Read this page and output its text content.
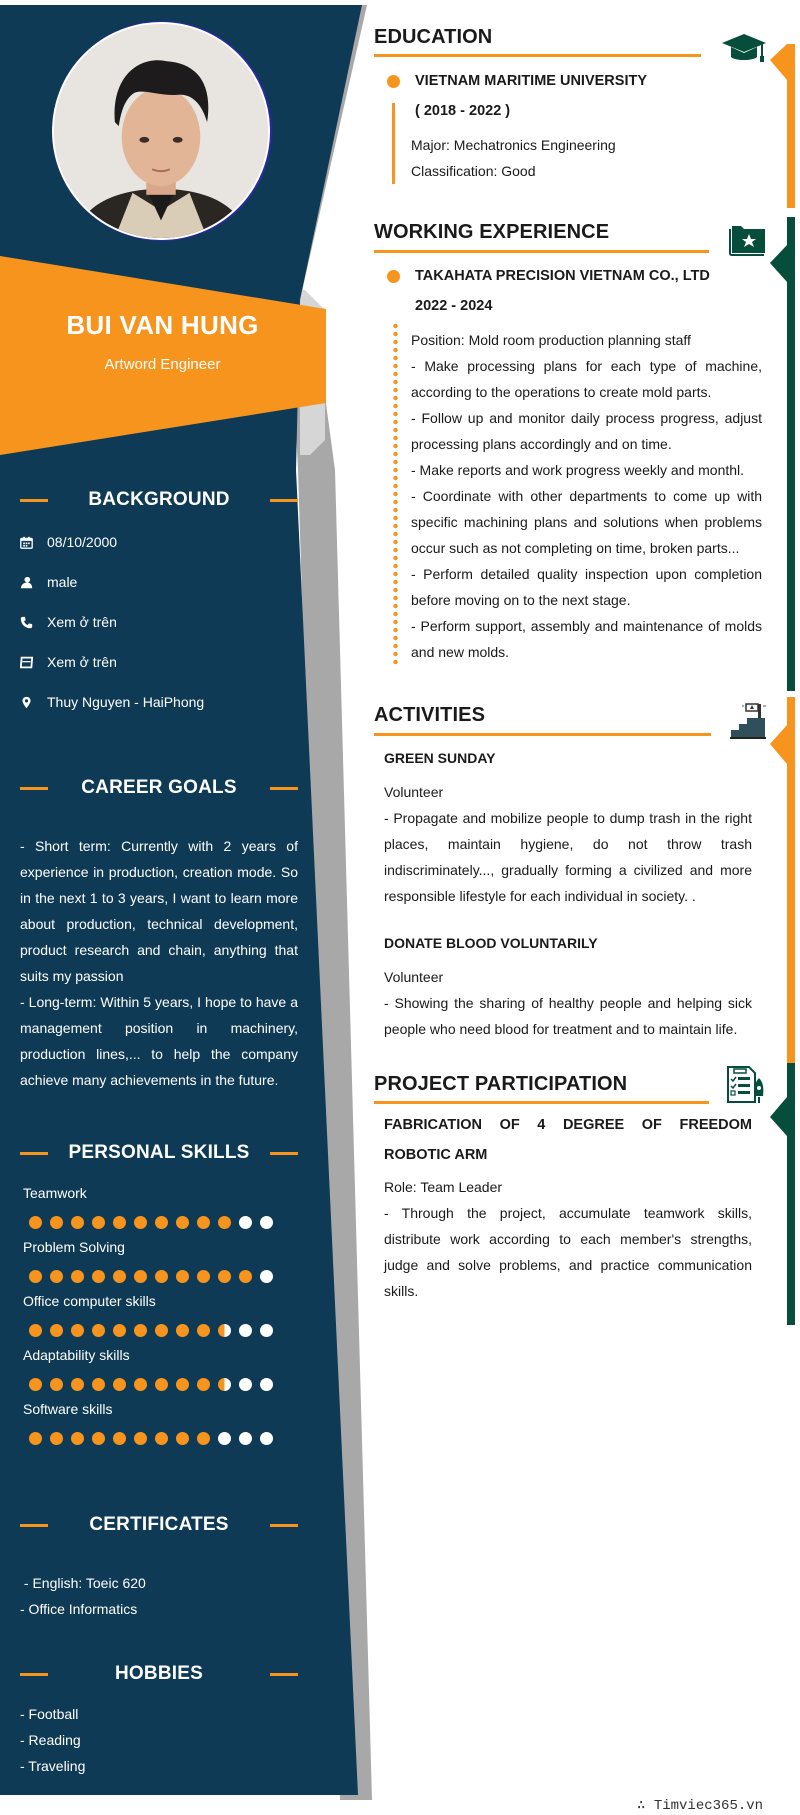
BUI VAN HUNG
Artword Engineer
BACKGROUND
08/10/2000
male
Xem ở trên
Xem ở trên
Thuy Nguyen - HaiPhong
CAREER GOALS

- Short term: Currently with 2 years of experience in production, creation mode. So in the next 1 to 3 years, I want to learn more about production, technical development, product research and chain, anything that suits my passion

- Long-term: Within 5 years, I hope to have a management position in machinery, production lines,... to help the company achieve many achievements in the future.

PERSONAL SKILLS
Teamwork
Problem Solving
Office computer skills
Adaptability skills
Software skills
CERTIFICATES
- English: Toeic 620
- Office Informatics
HOBBIES
- Football
- Reading
- Traveling
EDUCATION
VIETNAM MARITIME UNIVERSITY
( 2018 - 2022 )
Major: Mechatronics Engineering
Classification: Good
WORKING EXPERIENCE
TAKAHATA PRECISION VIETNAM CO., LTD
2022 - 2024

Position: Mold room production planning staff

- Make processing plans for each type of machine, according to the operations to create mold parts.

- Follow up and monitor daily process progress, adjust processing plans accordingly and on time.

- Make reports and work progress weekly and monthl.

- Coordinate with other departments to come up with specific machining plans and solutions when problems occur such as not completing on time, broken parts...

- Perform detailed quality inspection upon completion before moving on to the next stage.

- Perform support, assembly and maintenance of molds and new molds.

ACTIVITIES
GREEN SUNDAY
Volunteer
- Propagate and mobilize people to dump trash in the right places, maintain hygiene, do not throw trash indiscriminately..., gradually forming a civilized and more responsible lifestyle for each individual in society. .
DONATE BLOOD VOLUNTARILY
Volunteer
- Showing the sharing of healthy people and helping sick people who need blood for treatment and to maintain life.
PROJECT PARTICIPATION
FABRICATION OF 4 DEGREE OF FREEDOM ROBOTIC ARM
Role: Team Leader
- Through the project, accumulate teamwork skills, distribute work according to each member's strengths, judge and solve problems, and practice communication skills.
∴ Timviec365.vn
